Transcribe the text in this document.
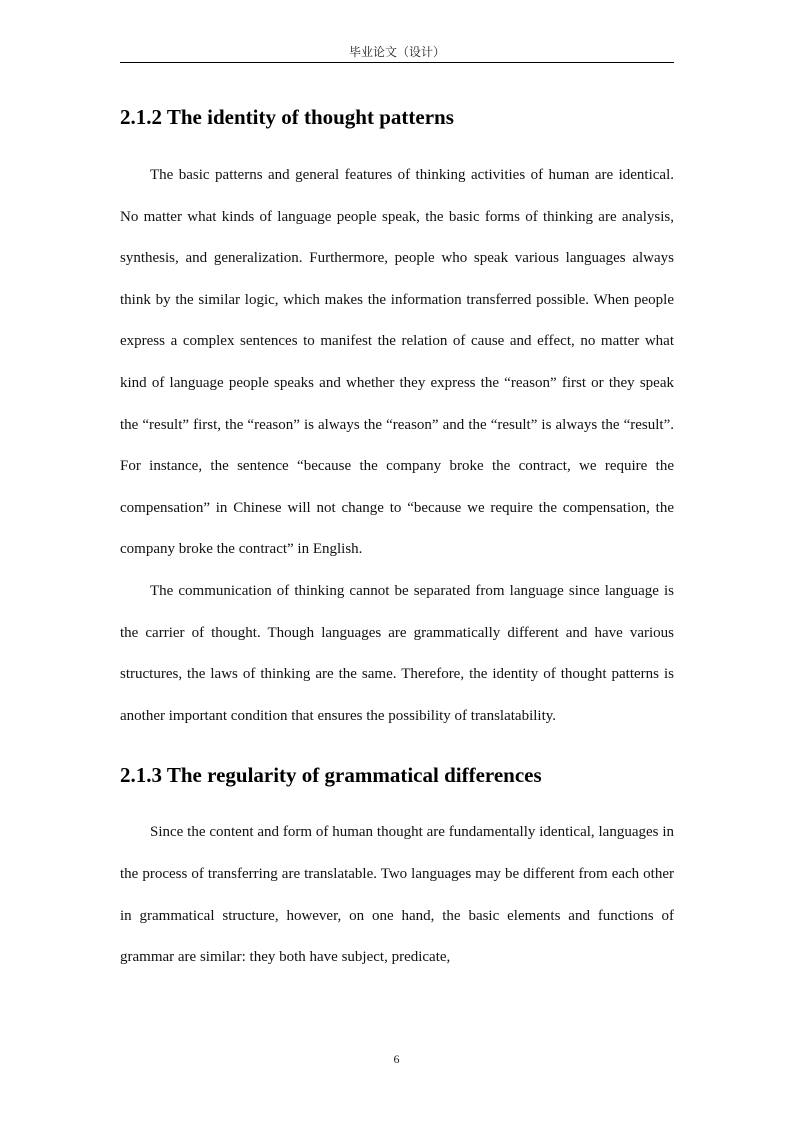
毕业论文（设计）
2.1.2 The identity of thought patterns

The basic patterns and general features of thinking activities of human are identical. No matter what kinds of language people speak, the basic forms of thinking are analysis, synthesis, and generalization. Furthermore, people who speak various languages always think by the similar logic, which makes the information transferred possible. When people express a complex sentences to manifest the relation of cause and effect, no matter what kind of language people speaks and whether they express the “reason” first or they speak the “result” first, the “reason” is always the “reason” and the “result” is always the “result”. For instance, the sentence “because the company broke the contract, we require the compensation” in Chinese will not change to “because we require the compensation, the company broke the contract” in English.

The communication of thinking cannot be separated from language since language is the carrier of thought. Though languages are grammatically different and have various structures, the laws of thinking are the same. Therefore, the identity of thought patterns is another important condition that ensures the possibility of translatability.

2.1.3 The regularity of grammatical differences

Since the content and form of human thought are fundamentally identical, languages in the process of transferring are translatable. Two languages may be different from each other in grammatical structure, however, on one hand, the basic elements and functions of grammar are similar: they both have subject, predicate,

6
